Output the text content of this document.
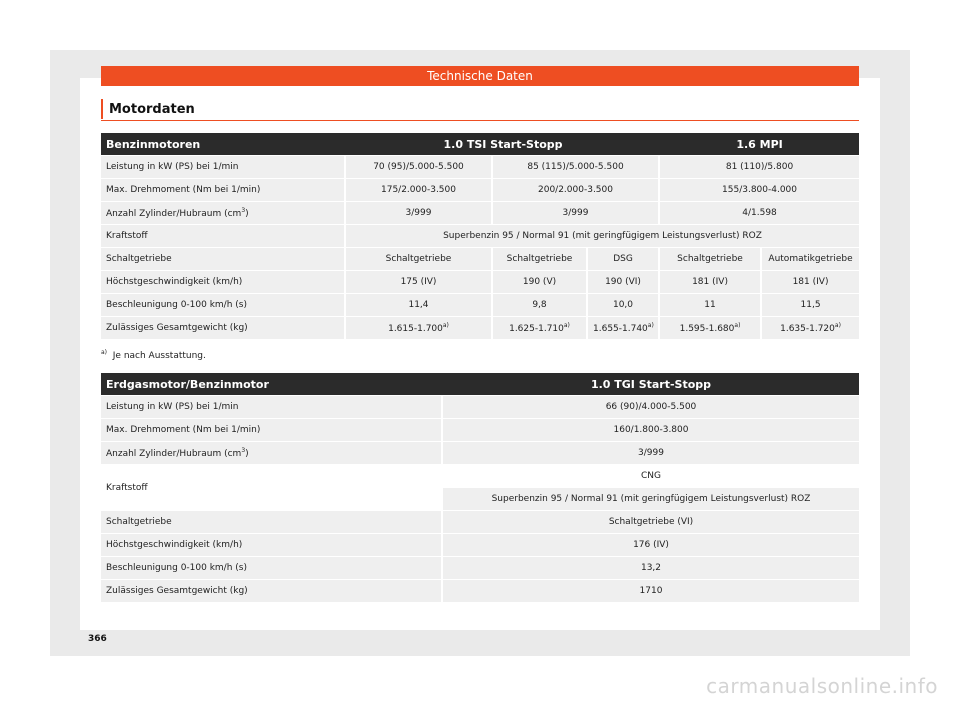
Technische Daten
Motordaten
Benzinmotoren	1.0 TSI Start-Stopp			1.6 MPI	
Leistung in kW (PS) bei 1/min	70 (95)/5.000-5.500	85 (115)/5.000-5.500		81 (110)/5.800	
Max. Drehmoment (Nm bei 1/min)	175/2.000-3.500	200/2.000-3.500		155/3.800-4.000	
Anzahl Zylinder/Hubraum $(cm^3)$	3/999	3/999		4/1.598	
Kraftstoff	Superbenzin 95 / Normal 91 (mit geringfügigem Leistungsverlust) ROZ				
Schaltgetriebe	Schaltgetriebe	Schaltgetriebe	DSG	Schaltgetriebe	Automatikgetriebe
Höchstgeschwindigkeit (km/h)	175 (IV)	190 (V)	190 (VI)	181 (IV)	181 (IV)
Beschleunigung 0-100 km/h (s)	11,4	9,8	10,0	11	11,5
Zulässiges Gesamtgewicht (kg)	1.615-1.700$^{a)}$	1.625-1.710$^{a)}$	1.655-1.740$^{a)}$	1.595-1.680$^{a)}$	1.635-1.720$^{a)}$
$^{a)}$ Je nach Ausstattung.
Erdgasmotor/Benzinmotor	1.0 TGI Start-Stopp
Leistung in kW (PS) bei 1/min	66 (90)/4.000-5.500
Max. Drehmoment (Nm bei 1/min)	160/1.800-3.800
Anzahl Zylinder/Hubraum $(cm^3)$	3/999
Kraftstoff	CNG
	Superbenzin 95 / Normal 91 (mit geringfügigem Leistungsverlust) ROZ
Schaltgetriebe	Schaltgetriebe (VI)
Höchstgeschwindigkeit (km/h)	176 (IV)
Beschleunigung 0-100 km/h (s)	13,2
Zulässiges Gesamtgewicht (kg)	1710
366
carmanualsonline.info
